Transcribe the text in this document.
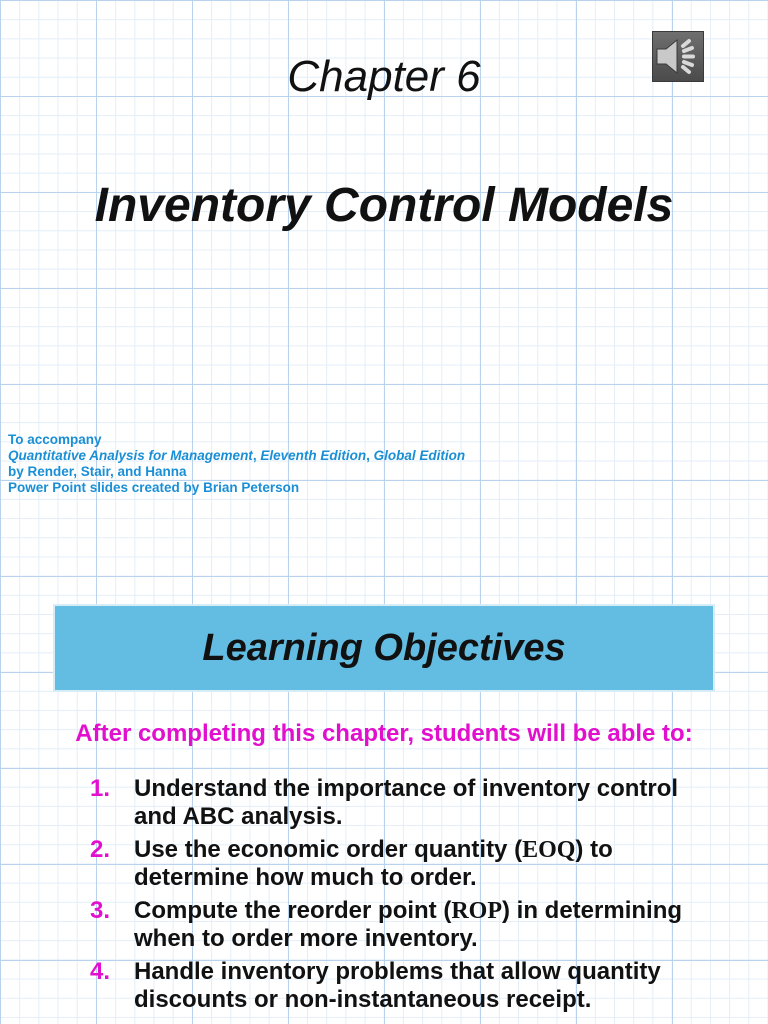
Chapter 6
Inventory Control Models
To accompany
Quantitative Analysis for Management, Eleventh Edition, Global Edition
by Render, Stair, and Hanna
Power Point slides created by Brian Peterson
Learning Objectives
After completing this chapter, students will be able to:
1. Understand the importance of inventory control and ABC analysis.
2. Use the economic order quantity (EOQ) to determine how much to order.
3. Compute the reorder point (ROP) in determining when to order more inventory.
4. Handle inventory problems that allow quantity discounts or non-instantaneous receipt.
